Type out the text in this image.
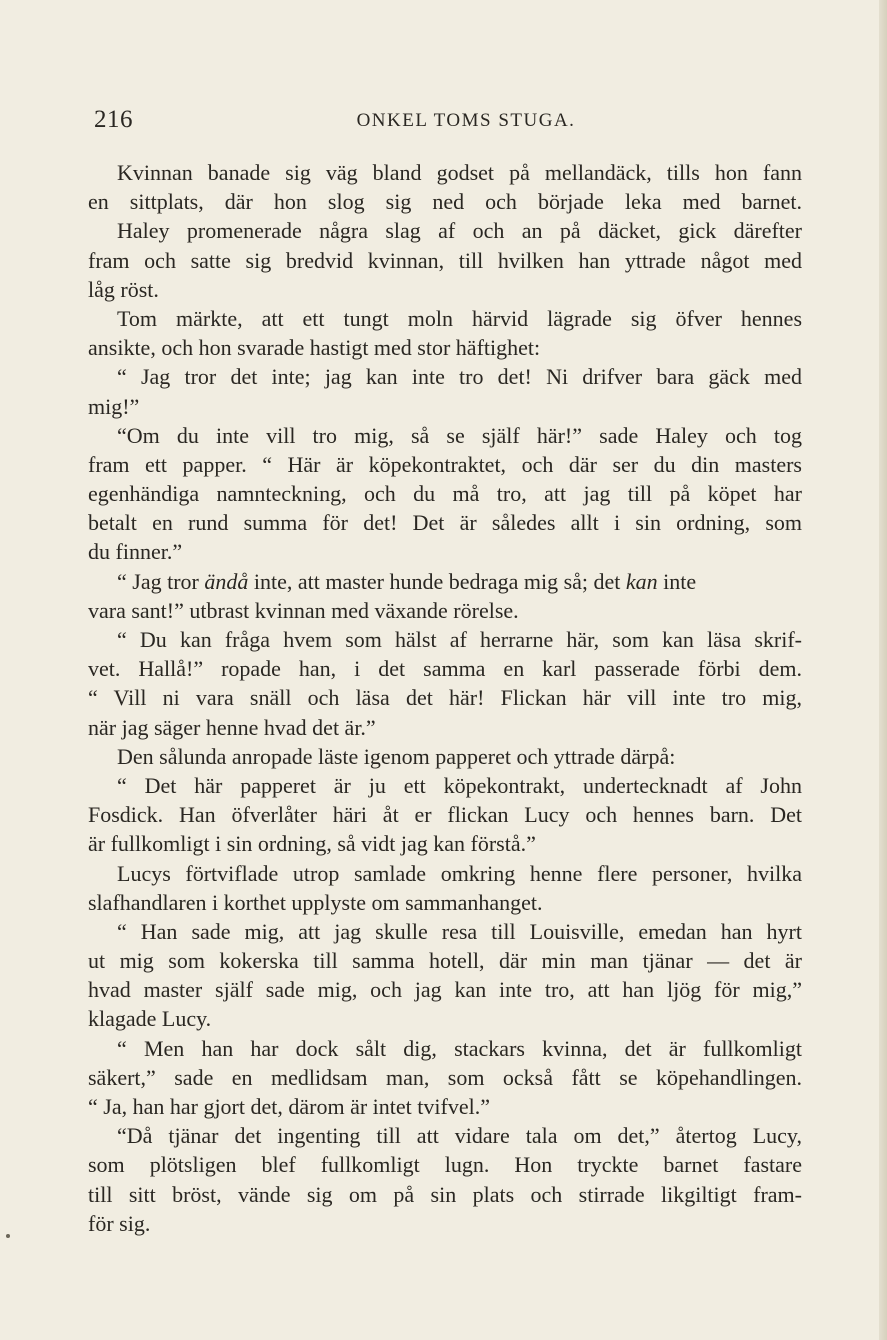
216	ONKEL TOMS STUGA.
Kvinnan banade sig väg bland godset på mellandäck, tills hon fann
en sittplats, där hon slog sig ned och började leka med barnet.
Haley promenerade några slag af och an på däcket, gick därefter
fram och satte sig bredvid kvinnan, till hvilken han yttrade något med
låg röst.
Tom märkte, att ett tungt moln härvid lägrade sig öfver hennes
ansikte, och hon svarade hastigt med stor häftighet:
“ Jag tror det inte; jag kan inte tro det! Ni drifver bara gäck med
mig!”
“Om du inte vill tro mig, så se själf här!” sade Haley och tog
fram ett papper. “ Här är köpekontraktet, och där ser du din masters
egenhändiga namnteckning, och du må tro, att jag till på köpet har
betalt en rund summa för det! Det är således allt i sin ordning, som
du finner.”
“ Jag tror ändå inte, att master hunde bedraga mig så; det kan inte
vara sant!” utbrast kvinnan med växande rörelse.
“ Du kan fråga hvem som hälst af herrarne här, som kan läsa skrif-
vet. Hallå!” ropade han, i det samma en karl passerade förbi dem.
“ Vill ni vara snäll och läsa det här! Flickan här vill inte tro mig,
när jag säger henne hvad det är.”
Den sålunda anropade läste igenom papperet och yttrade därpå:
“ Det här papperet är ju ett köpekontrakt, undertecknadt af John
Fosdick. Han öfverlåter häri åt er flickan Lucy och hennes barn. Det
är fullkomligt i sin ordning, så vidt jag kan förstå.”
Lucys förtviflade utrop samlade omkring henne flere personer, hvilka
slafhandlaren i korthet upplyste om sammanhanget.
“ Han sade mig, att jag skulle resa till Louisville, emedan han hyrt
ut mig som kokerska till samma hotell, där min man tjänar — det är
hvad master själf sade mig, och jag kan inte tro, att han ljög för mig,”
klagade Lucy.
“ Men han har dock sålt dig, stackars kvinna, det är fullkomligt
säkert,” sade en medlidsam man, som också fått se köpehandlingen.
“ Ja, han har gjort det, därom är intet tvifvel.”
“Då tjänar det ingenting till att vidare tala om det,” återtog Lucy,
som plötsligen blef fullkomligt lugn. Hon tryckte barnet fastare
till sitt bröst, vände sig om på sin plats och stirrade likgiltigt fram-
för sig.
